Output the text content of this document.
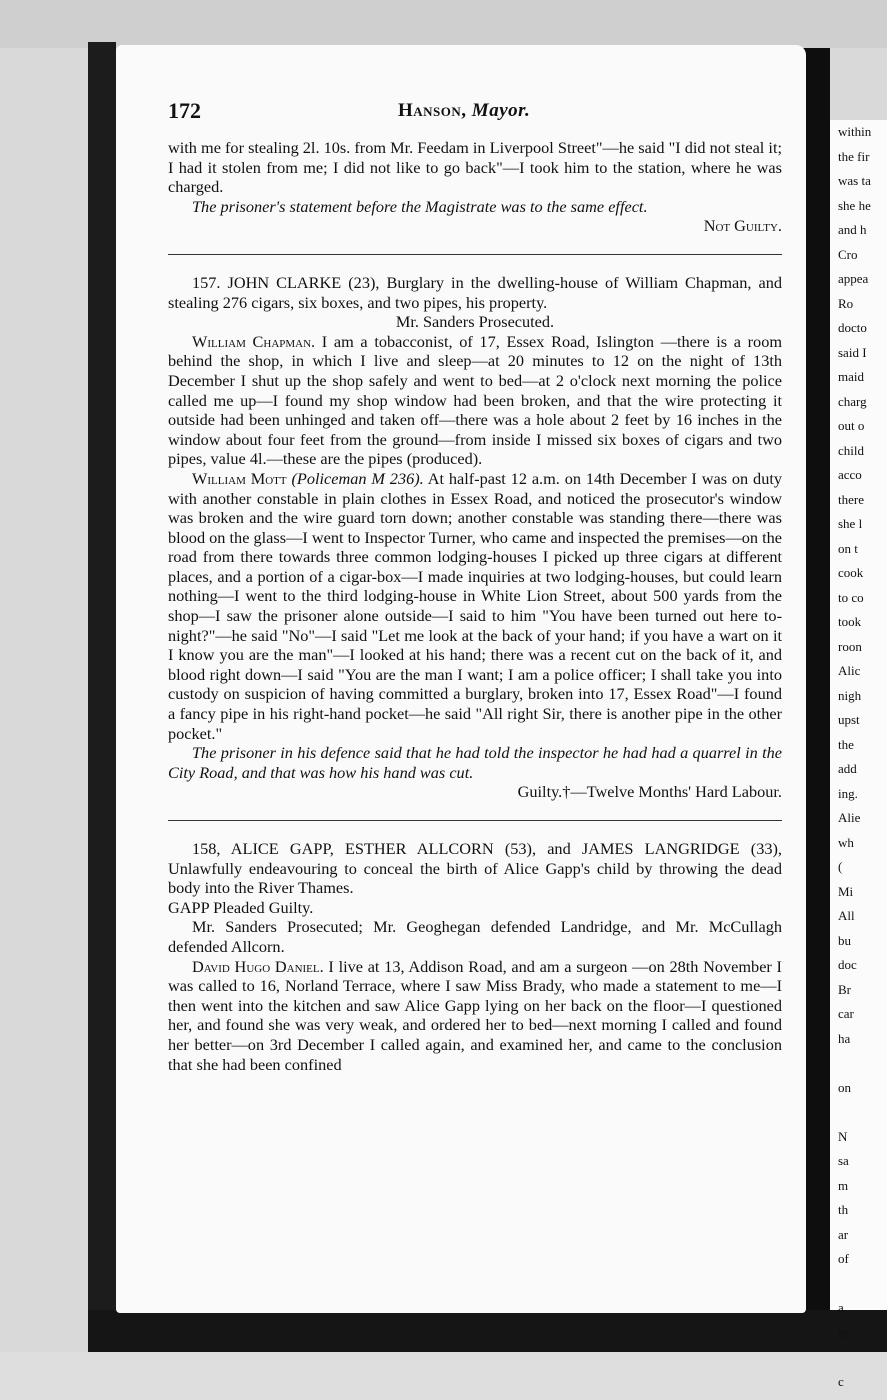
within
the fir
was ta
she he
and h
Cro
appea
Ro
docto
said I
maid
charg
out o
child
acco
there
she l
on t
cook
to co
took
roon
Alic
nigh
upst
the
add
ing.
Alie
wh
(
Mi
All
bu
doc
Br
car
ha

on

N
sa
m
th
ar
of

a
m

c
172	Hanson, Mayor.

with me for stealing 2l. 10s. from Mr. Feedam in Liverpool Street"—he said "I did not steal it; I had it stolen from me; I did not like to go back"—I took him to the station, where he was charged.

The prisoner's statement before the Magistrate was to the same effect.

Not Guilty.

157. JOHN CLARKE (23), Burglary in the dwelling-house of William Chapman, and stealing 276 cigars, six boxes, and two pipes, his property.

Mr. Sanders Prosecuted.

William Chapman. I am a tobacconist, of 17, Essex Road, Islington —there is a room behind the shop, in which I live and sleep—at 20 minutes to 12 on the night of 13th December I shut up the shop safely and went to bed—at 2 o'clock next morning the police called me up—I found my shop window had been broken, and that the wire protecting it outside had been unhinged and taken off—there was a hole about 2 feet by 16 inches in the window about four feet from the ground—from inside I missed six boxes of cigars and two pipes, value 4l.—these are the pipes (produced).

William Mott (Policeman M 236). At half-past 12 a.m. on 14th December I was on duty with another constable in plain clothes in Essex Road, and noticed the prosecutor's window was broken and the wire guard torn down; another constable was standing there—there was blood on the glass—I went to Inspector Turner, who came and inspected the premises—on the road from there towards three common lodging-houses I picked up three cigars at different places, and a portion of a cigar-box—I made inquiries at two lodging-houses, but could learn nothing—I went to the third lodging-house in White Lion Street, about 500 yards from the shop—I saw the prisoner alone outside—I said to him "You have been turned out here to-night?"—he said "No"—I said "Let me look at the back of your hand; if you have a wart on it I know you are the man"—I looked at his hand; there was a recent cut on the back of it, and blood right down—I said "You are the man I want; I am a police officer; I shall take you into custody on suspicion of having committed a burglary, broken into 17, Essex Road"—I found a fancy pipe in his right-hand pocket—he said "All right Sir, there is another pipe in the other pocket."

The prisoner in his defence said that he had told the inspector he had had a quarrel in the City Road, and that was how his hand was cut.

Guilty.†—Twelve Months' Hard Labour.

158, ALICE GAPP, ESTHER ALLCORN (53), and JAMES LANGRIDGE (33), Unlawfully endeavouring to conceal the birth of Alice Gapp's child by throwing the dead body into the River Thames.

GAPP Pleaded Guilty.

Mr. Sanders Prosecuted; Mr. Geoghegan defended Landridge, and Mr. McCullagh defended Allcorn.

David Hugo Daniel. I live at 13, Addison Road, and am a surgeon —on 28th November I was called to 16, Norland Terrace, where I saw Miss Brady, who made a statement to me—I then went into the kitchen and saw Alice Gapp lying on her back on the floor—I questioned her, and found she was very weak, and ordered her to bed—next morning I called and found her better—on 3rd December I called again, and examined her, and came to the conclusion that she had been confined
